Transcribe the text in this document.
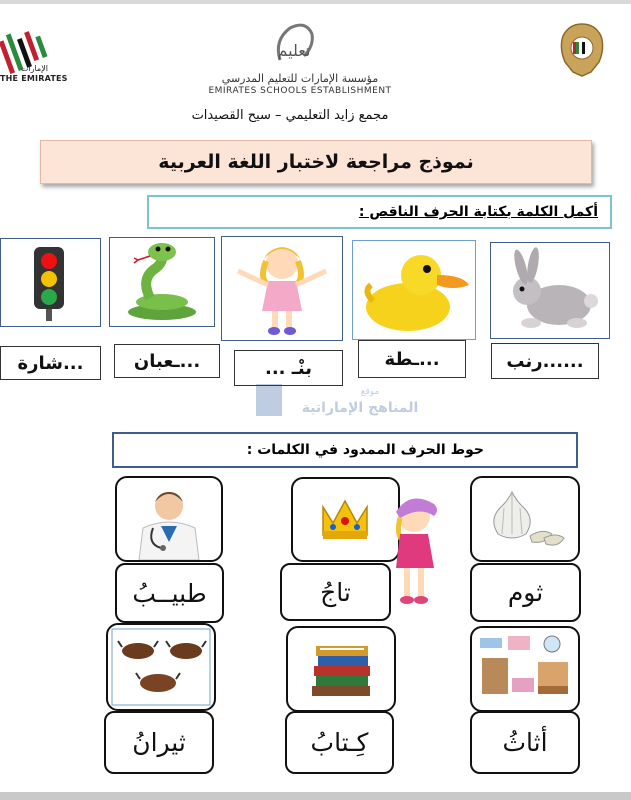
الإمارات
THE EMIRATES
تعليم
مؤسسة الإمارات للتعليم المدرسي
EMIRATES SCHOOLS ESTABLISHMENT
مجمع زايد التعليمي – سيح القصيدات
نموذج مراجعة لاختبار اللغة العربية
أكمل الكلمة بكتابة الحرف الناقص :
......رنب
...ـطة
بنْـ ...
...ـعبان
...شارة
موقع
المناهج الإماراتية
حوط الحرف الممدود في الكلمات :
ثوم
تاجُ
طبيــبُ
أثاثُ
كِـتابُ
ثيرانُ
